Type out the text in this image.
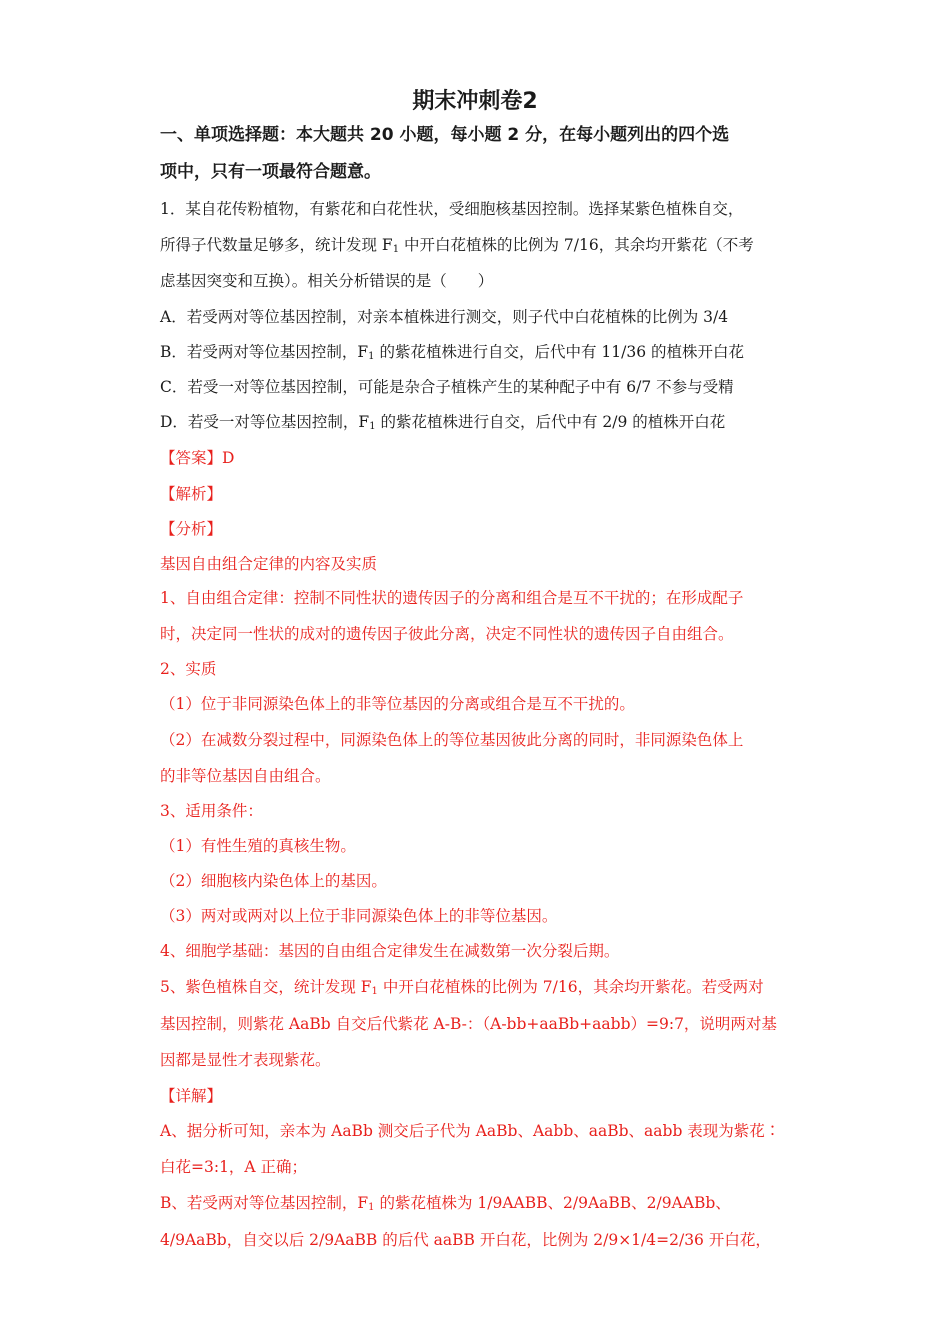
期末冲刺卷2
一、单项选择题：本大题共 20 小题，每小题 2 分，在每小题列出的四个选
项中，只有一项最符合题意。
1．某自花传粉植物，有紫花和白花性状，受细胞核基因控制。选择某紫色植株自交，
所得子代数量足够多，统计发现 $F_1$ 中开白花植株的比例为 7/16，其余均开紫花（不考
虑基因突变和互换）。相关分析错误的是（　　）
A．若受两对等位基因控制，对亲本植株进行测交，则子代中白花植株的比例为 3/4
B．若受两对等位基因控制，$F_1$ 的紫花植株进行自交，后代中有 11/36 的植株开白花
C．若受一对等位基因控制，可能是杂合子植株产生的某种配子中有 6/7 不参与受精
D．若受一对等位基因控制，$F_1$ 的紫花植株进行自交，后代中有 2/9 的植株开白花
【答案】D
【解析】
【分析】
基因自由组合定律的内容及实质
1、自由组合定律：控制不同性状的遗传因子的分离和组合是互不干扰的；在形成配子
时，决定同一性状的成对的遗传因子彼此分离，决定不同性状的遗传因子自由组合。
2、实质
（1）位于非同源染色体上的非等位基因的分离或组合是互不干扰的。
（2）在减数分裂过程中，同源染色体上的等位基因彼此分离的同时，非同源染色体上
的非等位基因自由组合。
3、适用条件：
（1）有性生殖的真核生物。
（2）细胞核内染色体上的基因。
（3）两对或两对以上位于非同源染色体上的非等位基因。
4、细胞学基础：基因的自由组合定律发生在减数第一次分裂后期。
5、紫色植株自交，统计发现 $F_1$ 中开白花植株的比例为 7/16，其余均开紫花。若受两对
基因控制，则紫花 AaBb 自交后代紫花 A-B-：（A-bb+aaBb+aabb）=9:7，说明两对基
因都是显性才表现紫花。
【详解】
A、据分析可知，亲本为 AaBb 测交后子代为 AaBb、Aabb、aaBb、aabb 表现为紫花∶
白花=3:1，A 正确；
B、若受两对等位基因控制，$F_1$ 的紫花植株为 1/9AABB、2/9AaBB、2/9AABb、
4/9AaBb，自交以后 2/9AaBB 的后代 aaBB 开白花，比例为 2/9×1/4=2/36 开白花，
